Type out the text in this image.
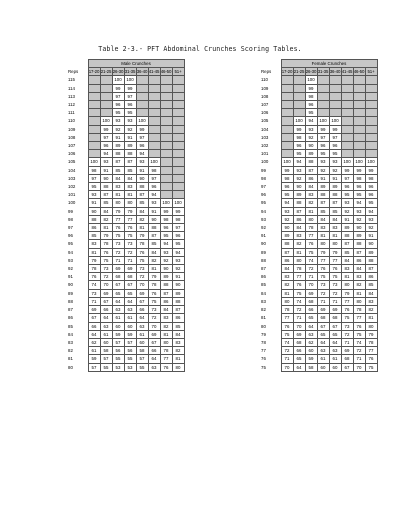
Table 2-3.- PFT Abdominal Crunches Scoring Tables.
	Male Crunches							
Reps	17-20	21-25	26-30	31-35	36-40	41-45	46-50	51+
115			100	100				
114			99	99				
113			97	97				
112			96	96				
111			95	95				
110		100	93	93	100			
109		99	92	92	99			
108		97	91	91	97			
107		96	89	89	96			
106		94	88	88	94			
105	100	93	87	87	93	100		
104	98	91	85	85	91	98		
103	97	90	84	84	90	97		
102	95	88	83	83	88	96		
101	93	87	81	81	87	94		
100	91	85	80	80	85	93	100	100
99	90	84	79	79	84	91	99	99
98	88	82	77	77	82	90	98	98
97	86	81	76	76	81	88	96	97
96	85	79	75	75	79	87	95	96
95	83	78	73	73	78	85	94	95
94	81	76	72	72	76	84	93	94
93	79	75	71	71	75	82	92	93
92	78	73	69	69	73	81	90	92
91	76	72	68	68	72	79	89	91
90	74	70	67	67	70	78	88	90
89	73	69	65	65	69	76	87	89
88	71	67	64	64	67	75	86	88
87	69	66	63	63	66	73	84	87
86	67	64	61	61	64	72	83	86
85	66	63	60	60	63	70	82	85
84	64	61	59	59	61	69	81	84
83	62	60	57	57	60	67	80	83
82	61	58	56	56	58	66	78	82
81	59	57	55	55	57	64	77	81
80	57	55	53	53	55	63	76	80
	Female Crunches							
Reps	17-20	21-25	26-30	31-35	36-40	41-45	46-50	51+
110			100					
109			99					
108			98					
107			96					
106			95					
105		100	94	100	100			
104		99	93	99	99			
103		98	92	97	97			
102		96	90	96	96			
101		95	89	95	95			
100	100	94	88	93	93	100	100	100
99	99	93	87	92	92	99	99	99
98	98	92	86	91	91	97	98	98
97	96	90	84	89	89	96	96	96
96	95	89	83	88	88	95	95	96
95	94	88	82	87	87	93	94	95
94	93	87	81	85	85	92	93	94
93	92	86	80	84	84	91	92	93
92	90	84	78	83	83	89	90	92
91	89	83	77	81	81	88	89	91
90	88	82	76	80	80	87	88	90
89	87	81	75	79	79	85	87	89
88	86	80	74	77	77	84	86	88
87	84	78	72	76	76	83	84	87
86	83	77	71	75	75	81	83	86
85	82	76	70	73	73	80	82	85
84	81	75	69	72	72	79	81	84
83	80	74	68	71	71	77	80	83
82	78	72	66	69	69	76	78	82
81	77	71	65	68	68	75	77	81
80	76	70	64	67	67	73	76	80
79	75	69	63	65	65	72	75	79
78	74	68	62	64	64	71	74	78
77	72	66	60	63	63	69	72	77
76	71	65	59	61	61	68	71	76
75	70	64	58	60	60	67	70	75
